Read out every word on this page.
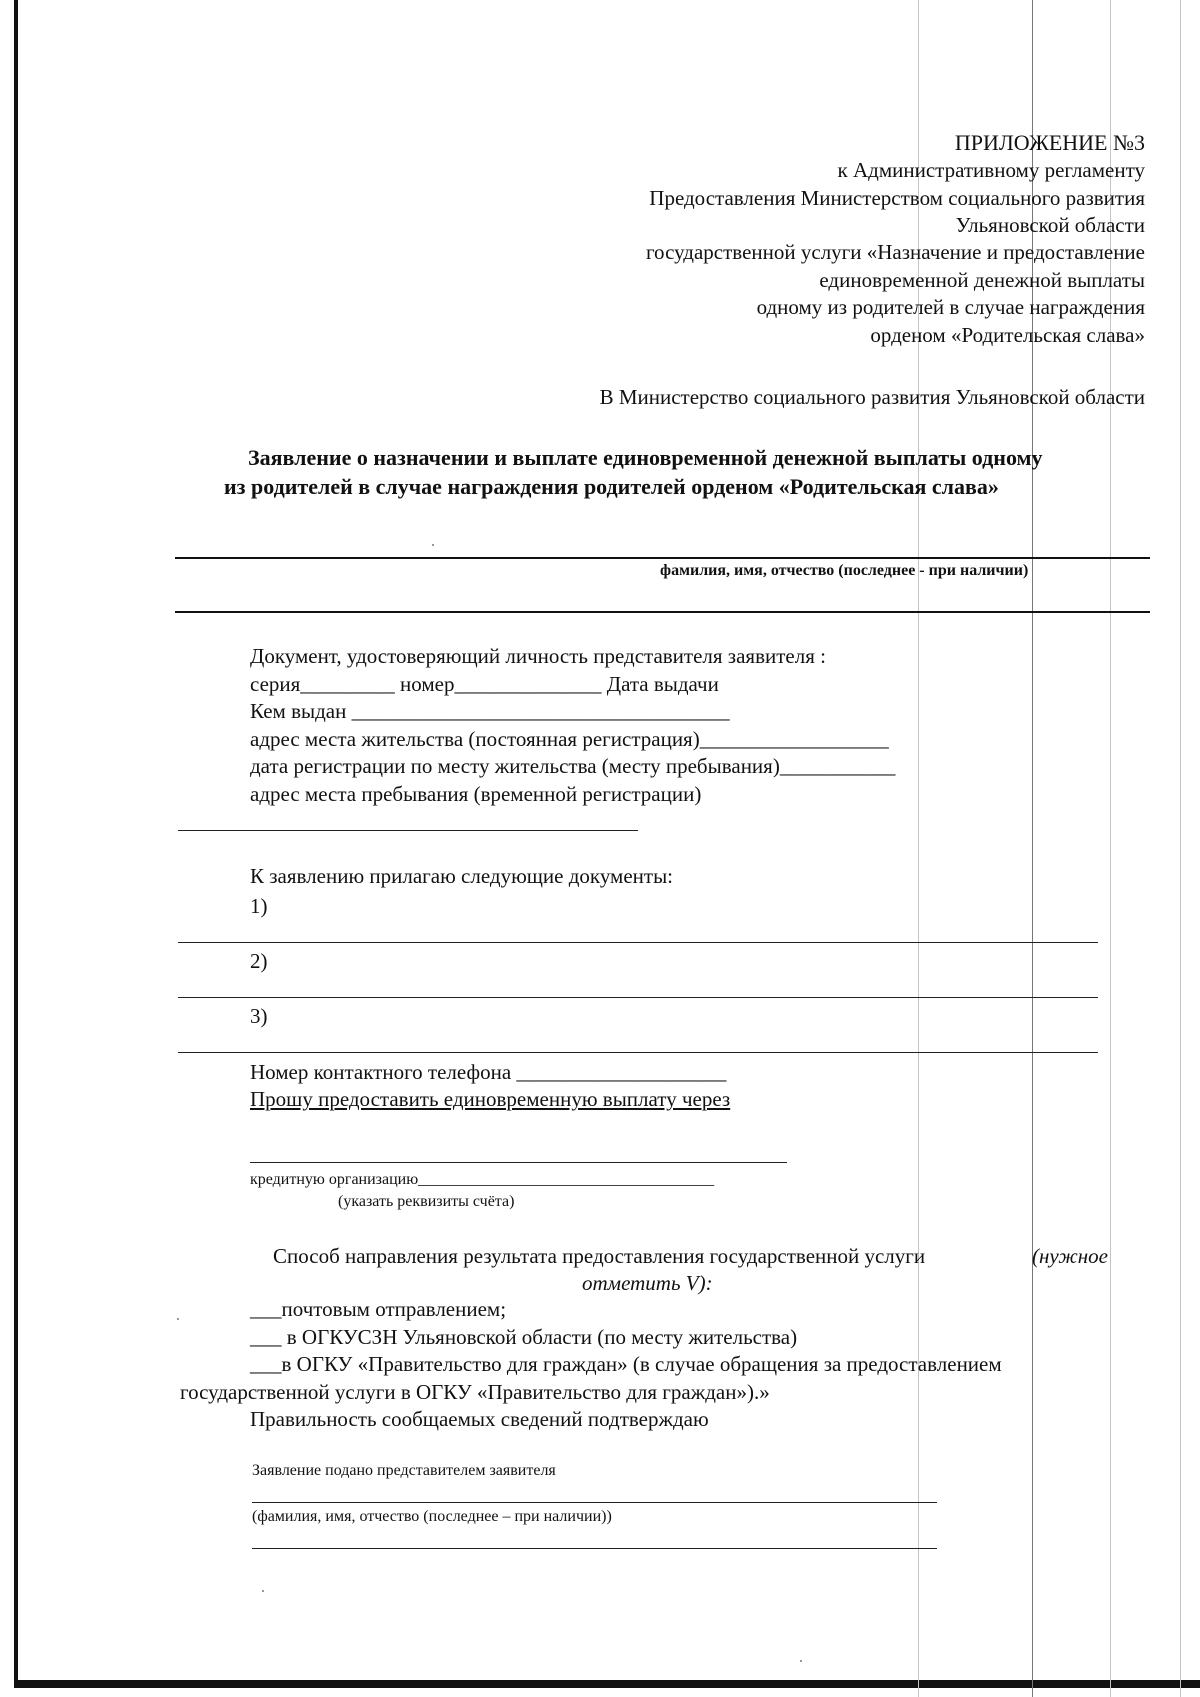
ПРИЛОЖЕНИЕ №3
к Административному регламенту
Предоставления Министерством социального развития
Ульяновской области
государственной услуги «Назначение и предоставление
единовременной денежной выплаты
одному из родителей в случае награждения
орденом «Родительская слава»
В Министерство социального развития Ульяновской области
Заявление о назначении и выплате единовременной денежной выплаты одному
из родителей в случае награждения родителей орденом «Родительская слава»
фамилия, имя, отчество (последнее - при наличии)
Документ, удостоверяющий личность представителя заявителя :
серия_________ номер______________ Дата выдачи
Кем выдан ____________________________________
адрес места жительства (постоянная регистрация)__________________
дата регистрации по месту жительства (месту пребывания)___________
адрес места пребывания (временной регистрации)
К заявлению прилагаю следующие документы:
1)
2)
3)
Номер контактного телефона ____________________
Прошу предоставить единовременную выплату через
кредитную организацию_____________________________________
(указать реквизиты счёта)
Способ направления результата предоставления государственной услуги	(нужное
отметить V):
___почтовым отправлением;
___ в ОГКУСЗН Ульяновской области (по месту жительства)
___в ОГКУ «Правительство для граждан» (в случае обращения за предоставлением
государственной услуги в ОГКУ «Правительство для граждан»).»
Правильность сообщаемых сведений подтверждаю
Заявление подано представителем заявителя
(фамилия, имя, отчество (последнее – при наличии))
